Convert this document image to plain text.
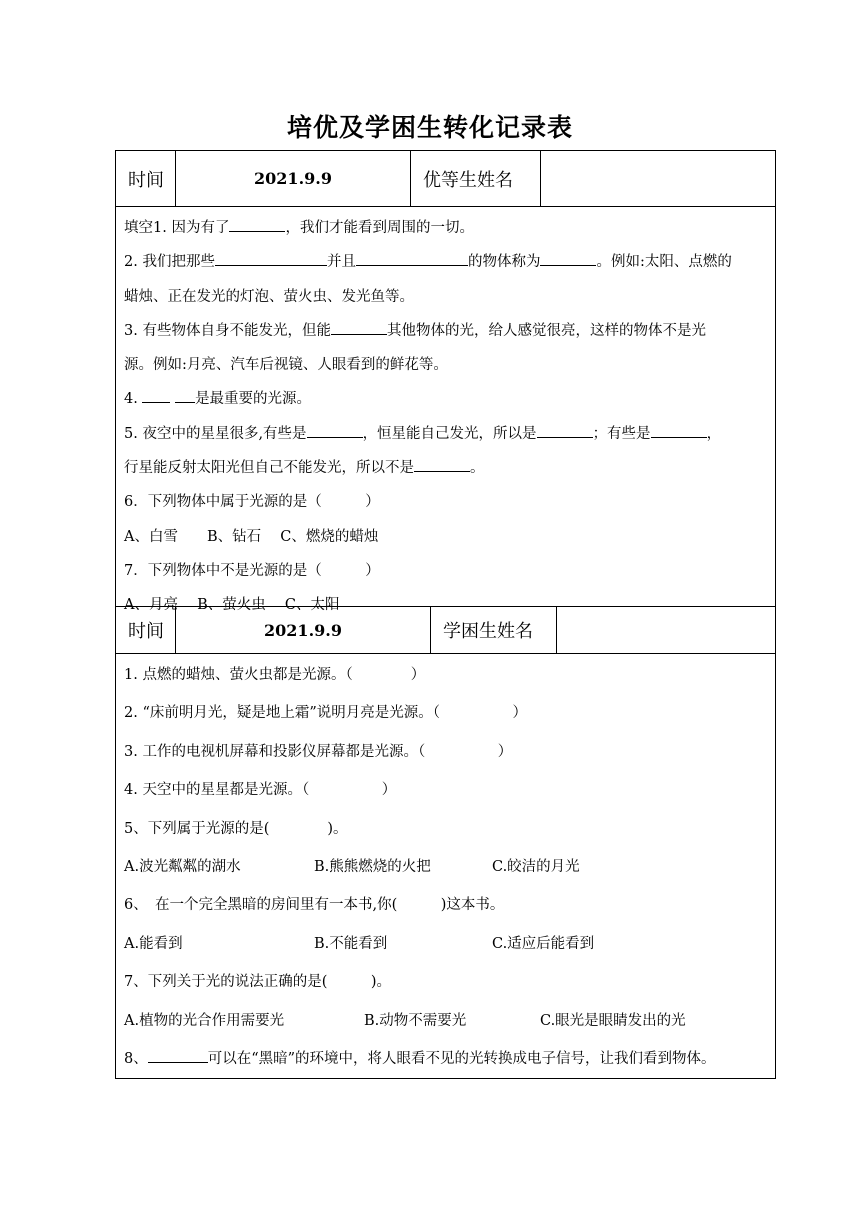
培优及学困生转化记录表
时间	2021.9.9	优等生姓名
填空1. 因为有了	，我们才能看到周围的一切。
2. 我们把那些	并且	的物体称为	。例如:太阳、点燃的
蜡烛、正在发光的灯泡、萤火虫、发光鱼等。
3. 有些物体自身不能发光，但能	其他物体的光，给人感觉很亮，这样的物体不是光
源。例如:月亮、汽车后视镜、人眼看到的鲜花等。
4.	是最重要的光源。
5. 夜空中的星星很多,有些是	，恒星能自己发光，所以是	；有些是	，
行星能反射太阳光但自己不能发光，所以不是	。
6．下列物体中属于光源的是（　　　）
A、白雪　　B、钻石　 C、燃烧的蜡烛
7．下列物体中不是光源的是（　　　）
A、月亮　 B、萤火虫　 C、太阳
时间	2021.9.9	学困生姓名
1. 点燃的蜡烛、萤火虫都是光源。（　　　　）
2. “床前明月光，疑是地上霜”说明月亮是光源。（　　　　　）
3. 工作的电视机屏幕和投影仪屏幕都是光源。（　　　　　）
4. 天空中的星星都是光源。（　　　　　）
5、下列属于光源的是(　　　　)。
A.波光粼粼的湖水	B.熊熊燃烧的火把	C.皎洁的月光
6、　在一个完全黑暗的房间里有一本书,你(　　　)这本书。
A.能看到	B.不能看到	C.适应后能看到
7、下列关于光的说法正确的是(　　　)。
A.植物的光合作用需要光	B.动物不需要光	C.眼光是眼睛发出的光
8、	可以在“黑暗”的环境中，将人眼看不见的光转换成电子信号，让我们看到物体。
